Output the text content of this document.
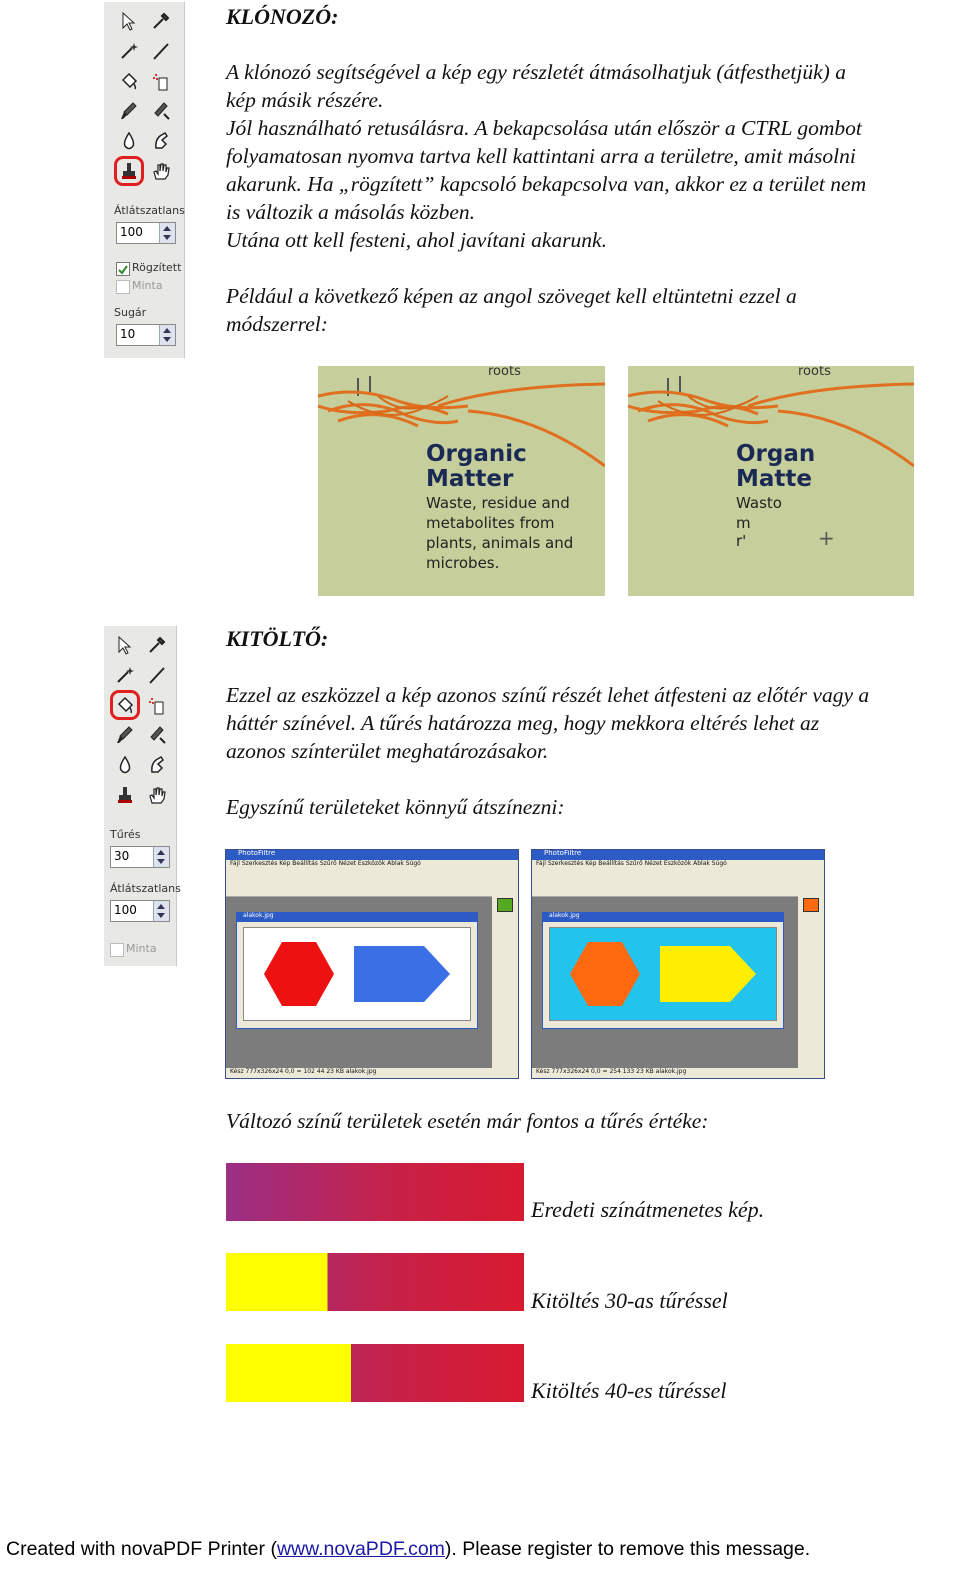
Átlátszatlans
100
Rögzített
Minta
Sugár
10
KLÓNOZÓ:
A klónozó segítségével a kép egy részletét átmásolhatjuk (átfesthetjük) a
kép másik részére.
Jól használható retusálásra. A bekapcsolása után először a CTRL gombot
folyamatosan nyomva tartva kell kattintani arra a területre, amit másolni
akarunk. Ha „rögzített” kapcsoló bekapcsolva van, akkor ez a terület nem
is változik a másolás közben.
Utána ott kell festeni, ahol javítani akarunk.
Például a következő képen az angol szöveget kell eltüntetni ezzel a
módszerrel:
roots
Organic
Matter
Waste, residue and
metabolites from
plants, animals and
microbes.
roots
Organ
Matte
Wasto
m
r'	+
Tűrés
30
Átlátszatlans
100
Minta
KITÖLTŐ:
Ezzel az eszközzel a kép azonos színű részét lehet átfesteni az előtér vagy a
háttér színével. A tűrés határozza meg, hogy mekkora eltérés lehet az
azonos színterület meghatározásakor.
Egyszínű területeket könnyű átszínezni:
PhotoFiltre
Fájl Szerkesztés Kép Beállítás Szűrő Nézet Eszközök Ablak Súgó
alakok.jpg
Kész 777x326x24 0,0 = 102 44 23 KB alakok.jpg
PhotoFiltre
Fájl Szerkesztés Kép Beállítás Szűrő Nézet Eszközök Ablak Súgó
alakok.jpg
Kész 777x326x24 0,0 = 254 133 23 KB alakok.jpg
Változó színű területek esetén már fontos a tűrés értéke:
Eredeti színátmenetes kép.
Kitöltés 30-as tűréssel
Kitöltés 40-es tűréssel
Created with novaPDF Printer (www.novaPDF.com). Please register to remove this message.
